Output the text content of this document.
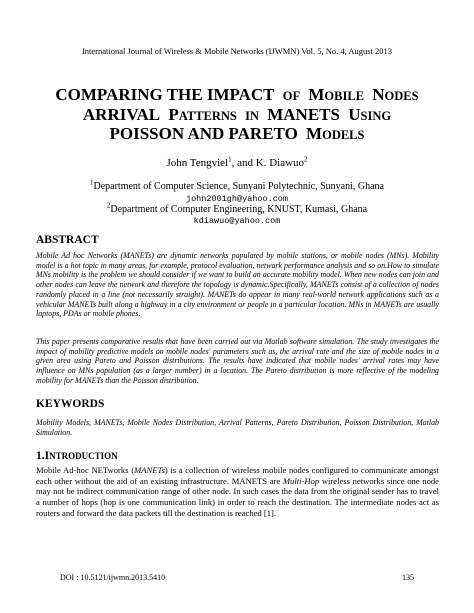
International Journal of Wireless & Mobile Networks (IJWMN) Vol. 5, No. 4, August 2013
COMPARING THE IMPACT OF MOBILE NODES
ARRIVAL PATTERNS IN MANETS USING
POISSON AND PARETO MODELS
John Tengviel$^1$, and K. Diawuo$^2$
$^1$Department of Computer Science, Sunyani Polytechnic, Sunyani, Ghana
john2001gh@yahoo.com
$^2$Department of Computer Engineering, KNUST, Kumasi, Ghana
kdiawuo@yahoo.com
ABSTRACT

Mobile Ad hoc Networks (MANETs) are dynamic networks populated by mobile stations, or mobile nodes (MNs). Mobility model is a hot topic in many areas, for example, protocol evaluation, network performance analysis and so on.How to simulate MNs mobility is the problem we should consider if we want to build an accurate mobility model. When new nodes can join and other nodes can leave the network and therefore the topology is dynamic.Specifically, MANETs consist of a collection of nodes randomly placed in a line (not necessarily straight). MANETs do appear in many real-world network applications such as a vehicular MANETs built along a highway in a city environment or people in a particular location. MNs in MANETs are usually laptops, PDAs or mobile phones.

This paper presents comparative results that have been carried out via Matlab software simulation. The study investigates the impact of mobility predictive models on mobile nodes' parameters such as, the arrival rate and the size of mobile nodes in a given area using Pareto and Poisson distributions. The results have indicated that mobile nodes' arrival rates may have influence on MNs population (as a larger number) in a location. The Pareto distribution is more reflective of the modeling mobility for MANETs than the Poisson distribution.

KEYWORDS

Mobility Models, MANETs, Mobile Nodes Distribution, Arrival Patterns, Pareto Distribution, Poisson Distribution, Matlab Simulation.

1.INTRODUCTION

Mobile Ad-hoc NETworks (MANETs) is a collection of wireless mobile nodes configured to communicate amongst each other without the aid of an existing infrastructure. MANETS are Multi-Hop wireless networks since one node may not be indirect communication range of other node. In such cases the data from the original sender has to travel a number of hops (hop is one communication link) in order to reach the destination. The intermediate nodes act as routers and forward the data packets till the destination is reached [1].

DOI : 10.5121/ijwmn.2013.5410	135
